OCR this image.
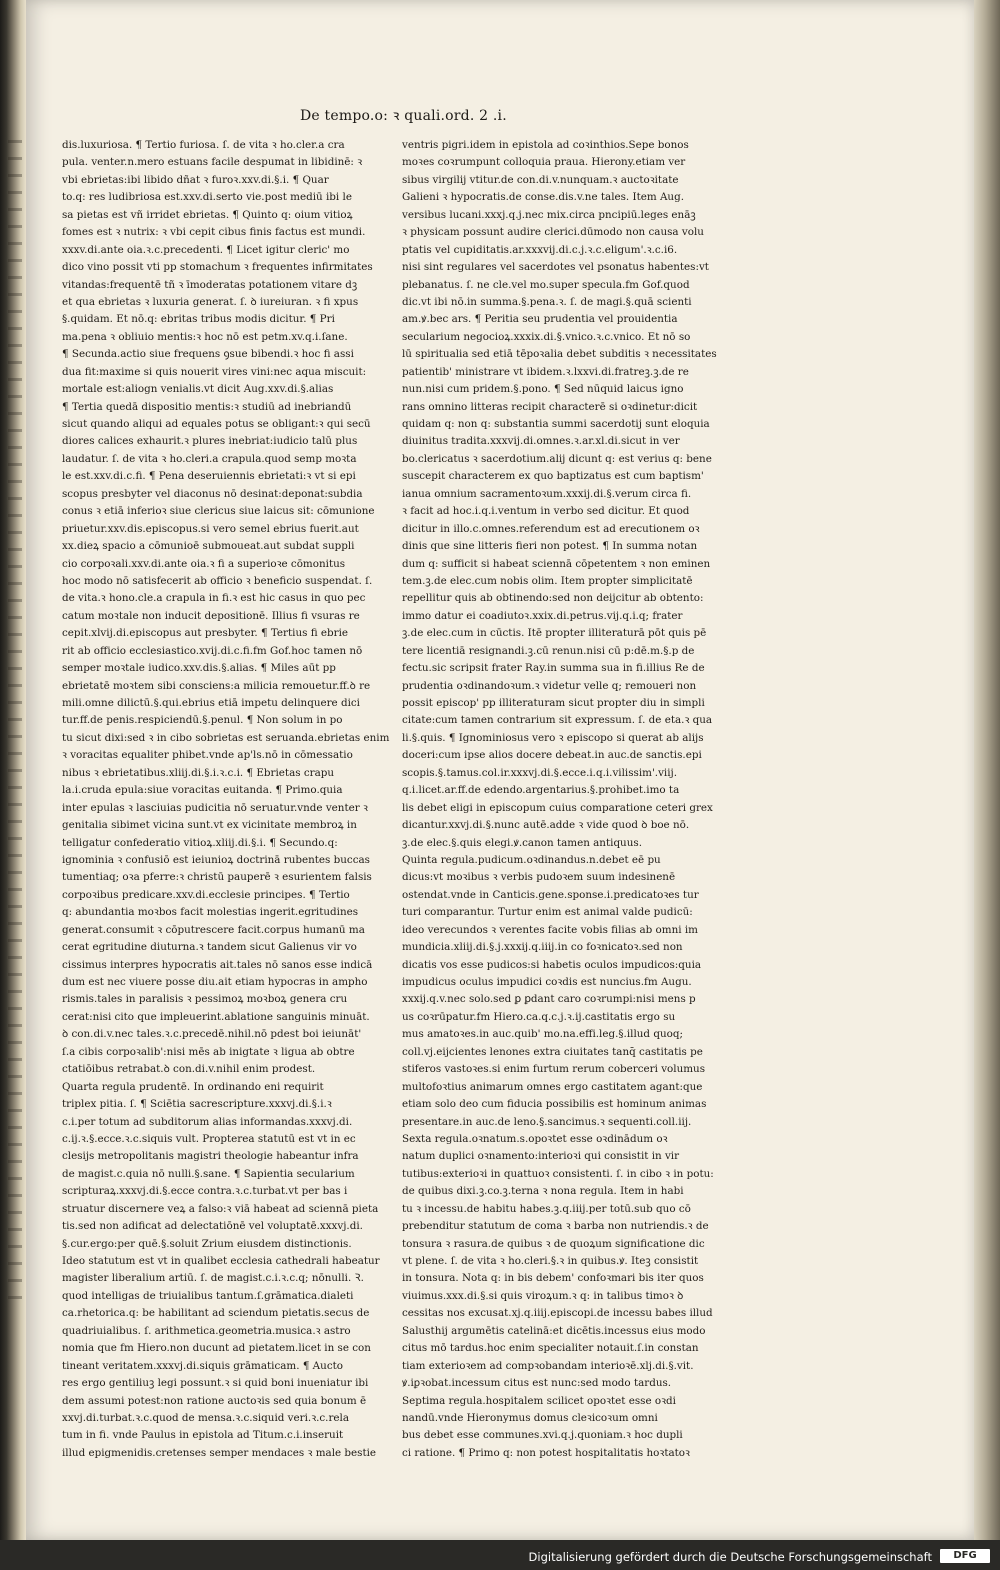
De tempo.o: ꝛ quali.ord. 2 .i.
dis.luxuriosa. ¶ Tertio furiosa. ſ. de vita ꝛ ho.cler.a cra
pula. venter.n.mero estuans facile despumat in libidinē: ꝛ
vbi ebrietas:ibi libido dñat ꝛ furoꝛ.xxv.di.§.i. ¶ Quar
to.q: res ludibriosa est.xxv.di.serto vie.post mediū ibi le
sa pietas est vñ irridet ebrietas. ¶ Quinto q: oium vitioꝝ
fomes est ꝛ nutrix: ꝛ vbi cepit cibus finis factus est mundi.
xxxv.di.ante oia.ꝛ.c.precedenti. ¶ Licet igitur cleric' mo
dico vino possit vti pp stomachum ꝛ frequentes infirmitates
vitandas:frequentē tñ ꝛ īmoderatas potationem vitare dꝫ
et qua ebrietas ꝛ luxuria generat. ſ. ꝺ iureiuran. ꝛ fi xpus
§.quidam. Et nō.q: ebritas tribus modis dicitur. ¶ Pri
ma.pena ꝛ obliuio mentis:ꝛ hoc nō est petm.xv.q.i.ſane.
¶ Secunda.actio siue frequens ꝯsue bibendi.ꝛ hoc fi assi
dua fit:maxime si quis nouerit vires vini:nec aqua miscuit:
mortale est:aliogn venialis.vt dicit Aug.xxv.di.§.alias
¶ Tertia quedā dispositio mentis:ꝛ studiū ad inebriandū
sicut quando aliqui ad equales potus se obligant:ꝛ qui secū
diores calices exhaurit.ꝛ plures inebriat:iudicio talū plus
laudatur. ſ. de vita ꝛ ho.cleri.a crapula.quod semp moꝛta
le est.xxv.di.c.fi. ¶ Pena deseruiennis ebrietati:ꝛ vt si epi
scopus presbyter vel diaconus nō desinat:deponat:subdia
conus ꝛ etiā inferioꝛ siue clericus siue laicus sit: cōmunione
priuetur.xxv.dis.episcopus.si vero semel ebrius fuerit.aut
xx.dieꝝ spacio a cōmunioē submoueat.aut subdat suppli
cio corpoꝛali.xxv.di.ante oia.ꝛ fi a superioꝛe cōmonitus
hoc modo nō satisfecerit ab officio ꝛ beneficio suspendat. ſ.
de vita.ꝛ hono.cle.a crapula in fi.ꝛ est hic casus in quo pec
catum moꝛtale non inducit depositionē. Illius fi vsuras re
cepit.xlvij.di.episcopus aut presbyter. ¶ Tertius fi ebrie
rit ab officio ecclesiastico.xvij.di.c.fi.fm Gof.hoc tamen nō
semper moꝛtale iudico.xxv.dis.§.alias. ¶ Miles aūt pp
ebrietatē moꝛtem sibi consciens:a milicia remouetur.ff.ꝺ re
mili.omne dilictū.§.qui.ebrius etiā impetu delinquere dici
tur.ff.de penis.respiciendū.§.penul. ¶ Non solum in po
tu sicut dixi:sed ꝛ in cibo sobrietas est seruanda.ebrietas enim
ꝛ voracitas equaliter phibet.vnde ap'ls.nō in cōmessatio
nibus ꝛ ebrietatibus.xliij.di.§.i.ꝛ.c.i. ¶ Ebrietas crapu
la.i.cruda epula:siue voracitas euitanda. ¶ Primo.quia
inter epulas ꝛ lasciuias pudicitia nō seruatur.vnde venter ꝛ
genitalia sibimet vicina sunt.vt ex vicinitate membroꝝ in
telligatur confederatio vitioꝝ.xliij.di.§.i. ¶ Secundo.q:
ignominia ꝛ confusiō est ieiunioꝝ doctrinā rubentes buccas
tumentiaq; oꝛa pferre:ꝛ christū pauperē ꝛ esurientem falsis
corpoꝛibus predicare.xxv.di.ecclesie principes. ¶ Tertio
q: abundantia moꝛbos facit molestias ingerit.egritudines
generat.consumit ꝛ cōputrescere facit.corpus humanū ma
cerat egritudine diuturna.ꝛ tandem sicut Galienus vir vo
cissimus interpres hypocratis ait.tales nō sanos esse indicā
dum est nec viuere posse diu.ait etiam hypocras in ampho
rismis.tales in paralisis ꝛ pessimoꝝ moꝛboꝝ genera cru
cerat:nisi cito que impleuerint.ablatione sanguinis minuāt.
ꝺ con.di.v.nec tales.ꝛ.c.precedē.nihil.nō pdest boi ieiunāt'
ſ.a cibis corpoꝛalib':nisi mēs ab inigtate ꝛ ligua ab obtre
ctatiōibus retrabat.ꝺ con.di.v.nihil enim prodest.
Quarta regula prudentē. In ordinando eni requirit
triplex pitia. ſ. ¶ Sciētia sacrescripture.xxxvj.di.§.i.ꝛ
c.i.per totum ad subditorum alias informandas.xxxvj.di.
c.ij.ꝛ.§.ecce.ꝛ.c.siquis vult. Propterea statutū est vt in ec
clesijs metropolitanis magistri theologie habeantur infra
de magist.c.quia nō nulli.§.sane. ¶ Sapientia secularium
scripturaꝝ.xxxvj.di.§.ecce contra.ꝛ.c.turbat.vt per bas i
struatur discernere veꝝ a falso:ꝛ viā habeat ad sciennā pieta
tis.sed non adificat ad delectatiōnē vel voluptatē.xxxvj.di.
§.cur.ergo:per quē.§.soluit Zrium eiusdem distinctionis.
Ideo statutum est vt in qualibet ecclesia cathedrali habeatur
magister liberalium artiū. ſ. de magist.c.i.ꝛ.c.q; nōnulli. Ꝛ.
quod intelligas de triuialibus tantum.ſ.grāmatica.dialeti
ca.rhetorica.q: be habilitant ad sciendum pietatis.secus de
quadriuialibus. ſ. arithmetica.geometria.musica.ꝛ astro
nomia que fm Hiero.non ducunt ad pietatem.licet in se con
tineant veritatem.xxxvj.di.siquis grāmaticam. ¶ Aucto
res ergo gentiliuꝫ legi possunt.ꝛ si quid boni inueniatur ibi
dem assumi potest:non ratione auctoꝛis sed quia bonum ē
xxvj.di.turbat.ꝛ.c.quod de mensa.ꝛ.c.siquid veri.ꝛ.c.rela
tum in fi. vnde Paulus in epistola ad Titum.c.i.inseruit
illud epigmenidis.cretenses semper mendaces ꝛ male bestie
ventris pigri.idem in epistola ad coꝛinthios.Sepe bonos
moꝛes coꝛrumpunt colloquia praua. Hierony.etiam ver
sibus virgilij vtitur.de con.di.v.nunquam.ꝛ auctoꝛitate
Galieni ꝛ hypocratis.de conse.dis.v.ne tales. Item Aug.
versibus lucani.xxxj.q.j.nec mix.circa pncipiū.leges enāꝫ
ꝛ physicam possunt audire clerici.dūmodo non causa volu
ptatis vel cupiditatis.ar.xxxvij.di.c.j.ꝛ.c.eligum'.ꝛ.c.i6.
nisi sint regulares vel sacerdotes vel psonatus habentes:vt
plebanatus. ſ. ne cle.vel mo.super specula.fm Gof.quod
dic.vt ibi nō.in summa.§.pena.ꝛ. ſ. de magi.§.quā scienti
am.ꝟ.bec ars. ¶ Peritia seu prudentia vel prouidentia
secularium negocioꝝ.xxxix.di.§.vnico.ꝛ.c.vnico. Et nō so
lū spiritualia sed etiā tēpoꝛalia debet subditis ꝛ necessitates
patientib' ministrare vt ibidem.ꝛ.lxxvi.di.fratreꝫ.ꝫ.de re
nun.nisi cum pridem.§.pono. ¶ Sed nūquid laicus igno
rans omnino litteras recipit characterē si oꝛdinetur:dicit
quidam q: non q: substantia summi sacerdotij sunt eloquia
diuinitus tradita.xxxvij.di.omnes.ꝛ.ar.xl.di.sicut in ver
bo.clericatus ꝛ sacerdotium.alij dicunt q: est verius q: bene
suscepit characterem ex quo baptizatus est cum baptism'
ianua omnium sacramentoꝛum.xxxij.di.§.verum circa fi.
ꝛ facit ad hoc.i.q.i.ventum in verbo sed dicitur. Et quod
dicitur in illo.c.omnes.referendum est ad erecutionem oꝛ
dinis que sine litteris fieri non potest. ¶ In summa notan
dum q: sufficit si habeat sciennā cōpetentem ꝛ non eminen
tem.ꝫ.de elec.cum nobis olim. Item propter simplicitatē
repellitur quis ab obtinendo:sed non deijcitur ab obtento:
immo datur ei coadiutoꝛ.xxix.di.petrus.vij.q.i.q; frater
ꝫ.de elec.cum in cūctis. Itē propter illiteraturā pōt quis pē
tere licentiā resignandi.ꝫ.cū renun.nisi cū p:dē.m.§.p de
fectu.sic scripsit frater Ray.in summa sua in fi.illius Re de
prudentia oꝛdinandoꝛum.ꝛ videtur velle q; remoueri non
possit episcop' pp illiteraturam sicut propter diu in simpli
citate:cum tamen contrarium sit expressum. ſ. de eta.ꝛ qua
li.§.quis. ¶ Ignominiosus vero ꝛ episcopo si querat ab alijs
doceri:cum ipse alios docere debeat.in auc.de sanctis.epi
scopis.§.tamus.col.ir.xxxvj.di.§.ecce.i.q.i.vilissim'.viij.
q.i.licet.ar.ff.de edendo.argentarius.§.prohibet.imo ta
lis debet eligi in episcopum cuius comparatione ceteri grex
dicantur.xxvj.di.§.nunc autē.adde ꝛ vide quod ꝺ boe nō.
ꝫ.de elec.§.quis elegi.ꝟ.canon tamen antiquus.
Quinta regula.pudicum.oꝛdinandus.n.debet eē pu
dicus:vt moꝛibus ꝛ verbis pudoꝛem suum indesinenē
ostendat.vnde in Canticis.gene.sponse.i.predicatoꝛes tur
turi comparantur. Turtur enim est animal valde pudicū:
ideo verecundos ꝛ verentes facite vobis filias ab omni im
mundicia.xliij.di.§.j.xxxij.q.iiij.in co foꝛnicatoꝛ.sed non
dicatis vos esse pudicos:si habetis oculos impudicos:quia
impudicus oculus impudici coꝛdis est nuncius.fm Augu.
xxxij.q.v.nec solo.sed ꝑ ꝑdant caro coꝛrumpi:nisi mens p
us coꝛrūpatur.fm Hiero.ca.q.c.j.ꝛ.ij.castitatis ergo su
mus amatoꝛes.in auc.quib' mo.na.effi.leg.§.illud quoq;
coll.vj.eijcientes lenones extra ciuitates tanq̄ castitatis pe
stiferos vastoꝛes.si enim furtum rerum coberceri volumus
multofoꝛtius animarum omnes ergo castitatem agant:que
etiam solo deo cum fiducia possibilis est hominum animas
presentare.in auc.de leno.§.sancimus.ꝛ sequenti.coll.iij.
Sexta regula.oꝛnatum.s.opoꝛtet esse oꝛdinādum oꝛ
natum duplici oꝛnamento:interioꝛi qui consistit in vir
tutibus:exterioꝛi in quattuoꝛ consistenti. ſ. in cibo ꝛ in potu:
de quibus dixi.ꝫ.co.ꝫ.terna ꝛ nona regula. Item in habi
tu ꝛ incessu.de habitu habes.ꝫ.q.iiij.per totū.sub quo cō
prebenditur statutum de coma ꝛ barba non nutriendis.ꝛ de
tonsura ꝛ rasura.de quibus ꝛ de quoꝝum significatione dic
vt plene. ſ. de vita ꝛ ho.cleri.§.ꝛ in quibus.ꝟ. Iteꝫ consistit
in tonsura. Nota q: in bis debem' confoꝛmari bis iter quos
viuimus.xxx.di.§.si quis viroꝝum.ꝛ q: in talibus timoꝛ ꝺ
cessitas nos excusat.xj.q.iiij.episcopi.de incessu babes illud
Salusthij argumētis catelinā:et dicētis.incessus eius modo
citus mō tardus.hoc enim specialiter notauit.ſ.in constan
tiam exterioꝛem ad compꝛobandam interioꝛē.xlj.di.§.vit.
ꝟ.iꝑꝛobat.incessum citus est nunc:sed modo tardus.
Septima regula.hospitalem scilicet opoꝛtet esse oꝛdi
nandū.vnde Hieronymus domus cleꝛicoꝛum omni
bus debet esse communes.xvi.q.j.quoniam.ꝛ hoc dupli
ci ratione. ¶ Primo q: non potest hospitalitatis hoꝛtatoꝛ
Digitalisierung gefördert durch die Deutsche Forschungsgemeinschaft	DFG
